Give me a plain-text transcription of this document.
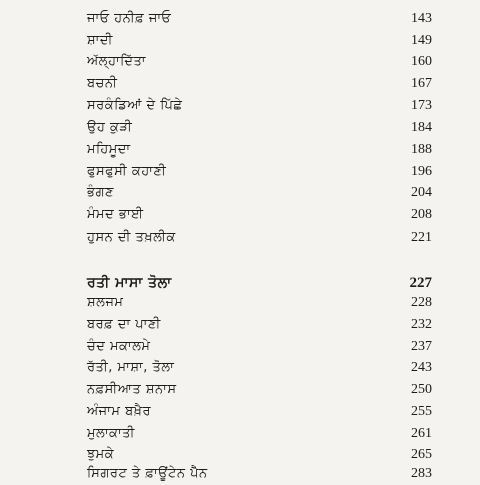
ਜਾਓ ਹਨੀਫ਼ ਜਾਓ	143
ਸ਼ਾਦੀ	149
ਅੱਲ੍ਹਾਦਿੱਤਾ	160
ਬਚਨੀ	167
ਸਰਕੰਡਿਆਂ ਦੇ ਪਿੱਛੇ	173
ਉਹ ਕੁੜੀ	184
ਮਹਿਮੂਦਾ	188
ਫੁਸਫੁਸੀ ਕਹਾਣੀ	196
ਭੰਗਣ	204
ਮੰਮਦ ਭਾਈ	208
ਹੁਸਨ ਦੀ ਤਖ਼ਲੀਕ	221
ਰਤੀ ਮਾਸਾ ਤੋਲਾ	227
ਸ਼ਲਜਮ	228
ਬਰਫ਼ ਦਾ ਪਾਣੀ	232
ਚੰਦ ਮਕਾਲਮੇ	237
ਰੱਤੀ, ਮਾਸ਼ਾ, ਤੋਲਾ	243
ਨਫ਼ਸੀਆਤ ਸ਼ਨਾਸ	250
ਅੰਜਾਮ ਬਖ਼ੈਰ	255
ਮੁਲਾਕਾਤੀ	261
ਝੁਮਕੇ	265
ਸਿਗਰਟ ਤੇ ਫ਼ਾਊਂਟੇਨ ਪੈੱਨ	283
